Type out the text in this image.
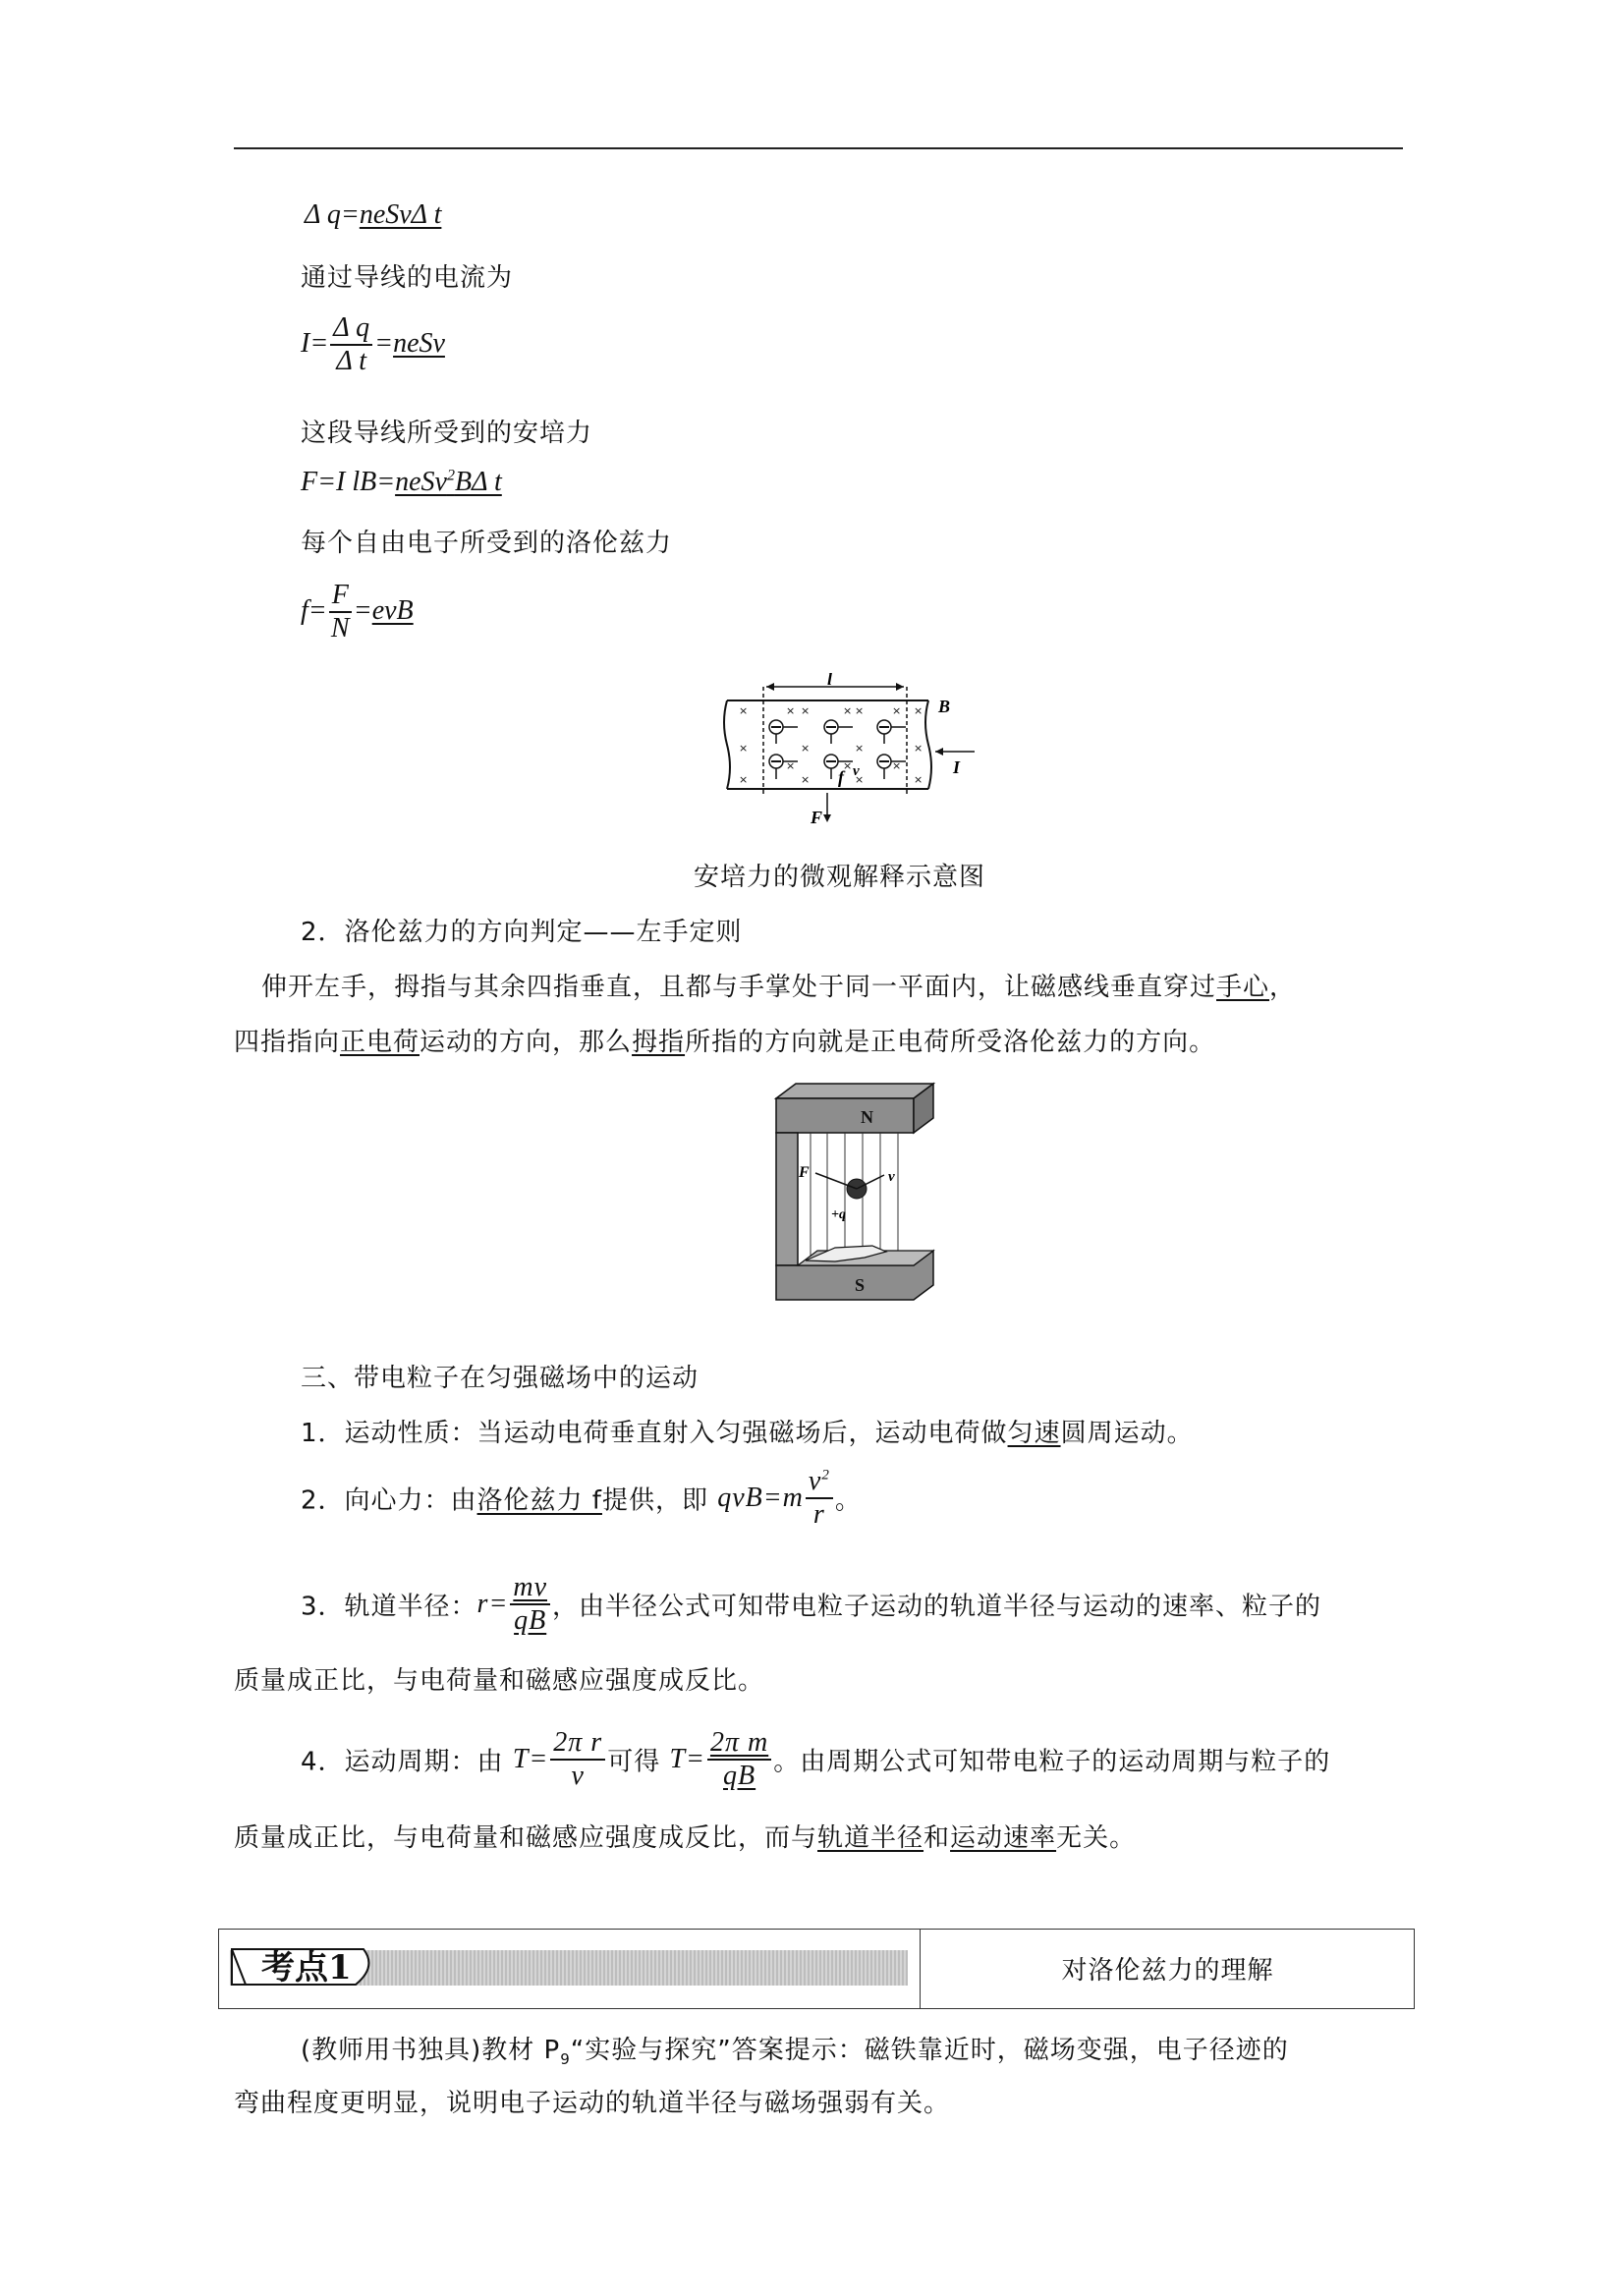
Δ q=neSvΔ t
通过导线的电流为
$I= \frac{\text{Δ q}}{\text{Δ t}}$ =neSv
这段导线所受到的安培力
F=I lB=neSv$^2$BΔ t
每个自由电子所受到的洛伦兹力
$f= \frac{F}{N} =evB$
l
×	×	×	×
×	×	×	×
×	×	×	×
×	×	×
×	×	×
B
I
f v
F
安培力的微观解释示意图
2．洛伦兹力的方向判定——左手定则
伸开左手，拇指与其余四指垂直，且都与手掌处于同一平面内，让磁感线垂直穿过手心，
四指指向正电荷运动的方向，那么拇指所指的方向就是正电荷所受洛伦兹力的方向。
N
F
+q
v
S
三、带电粒子在匀强磁场中的运动
1．运动性质：当运动电荷垂直射入匀强磁场后，运动电荷做匀速圆周运动。
2．向心力：由洛伦兹力 f提供，即 $qvB=m \frac{v^2}{r}$ 。
3．轨道半径：$r= \frac{mv}{qB}$ ，由半径公式可知带电粒子运动的轨道半径与运动的速率、粒子的
质量成正比，与电荷量和磁感应强度成反比。
4．运动周期：由 $T= \frac{\text{2π r}}{v}$ 可得 $T= \frac{\text{2π m}}{qB}$ 。由周期公式可知带电粒子的运动周期与粒子的
质量成正比，与电荷量和磁感应强度成反比，而与轨道半径和运动速率无关。
考点1	对洛伦兹力的理解
(教师用书独具)教材 $P_9“$实验与探究”答案提示：磁铁靠近时，磁场变强，电子径迹的
弯曲程度更明显，说明电子运动的轨道半径与磁场强弱有关。
